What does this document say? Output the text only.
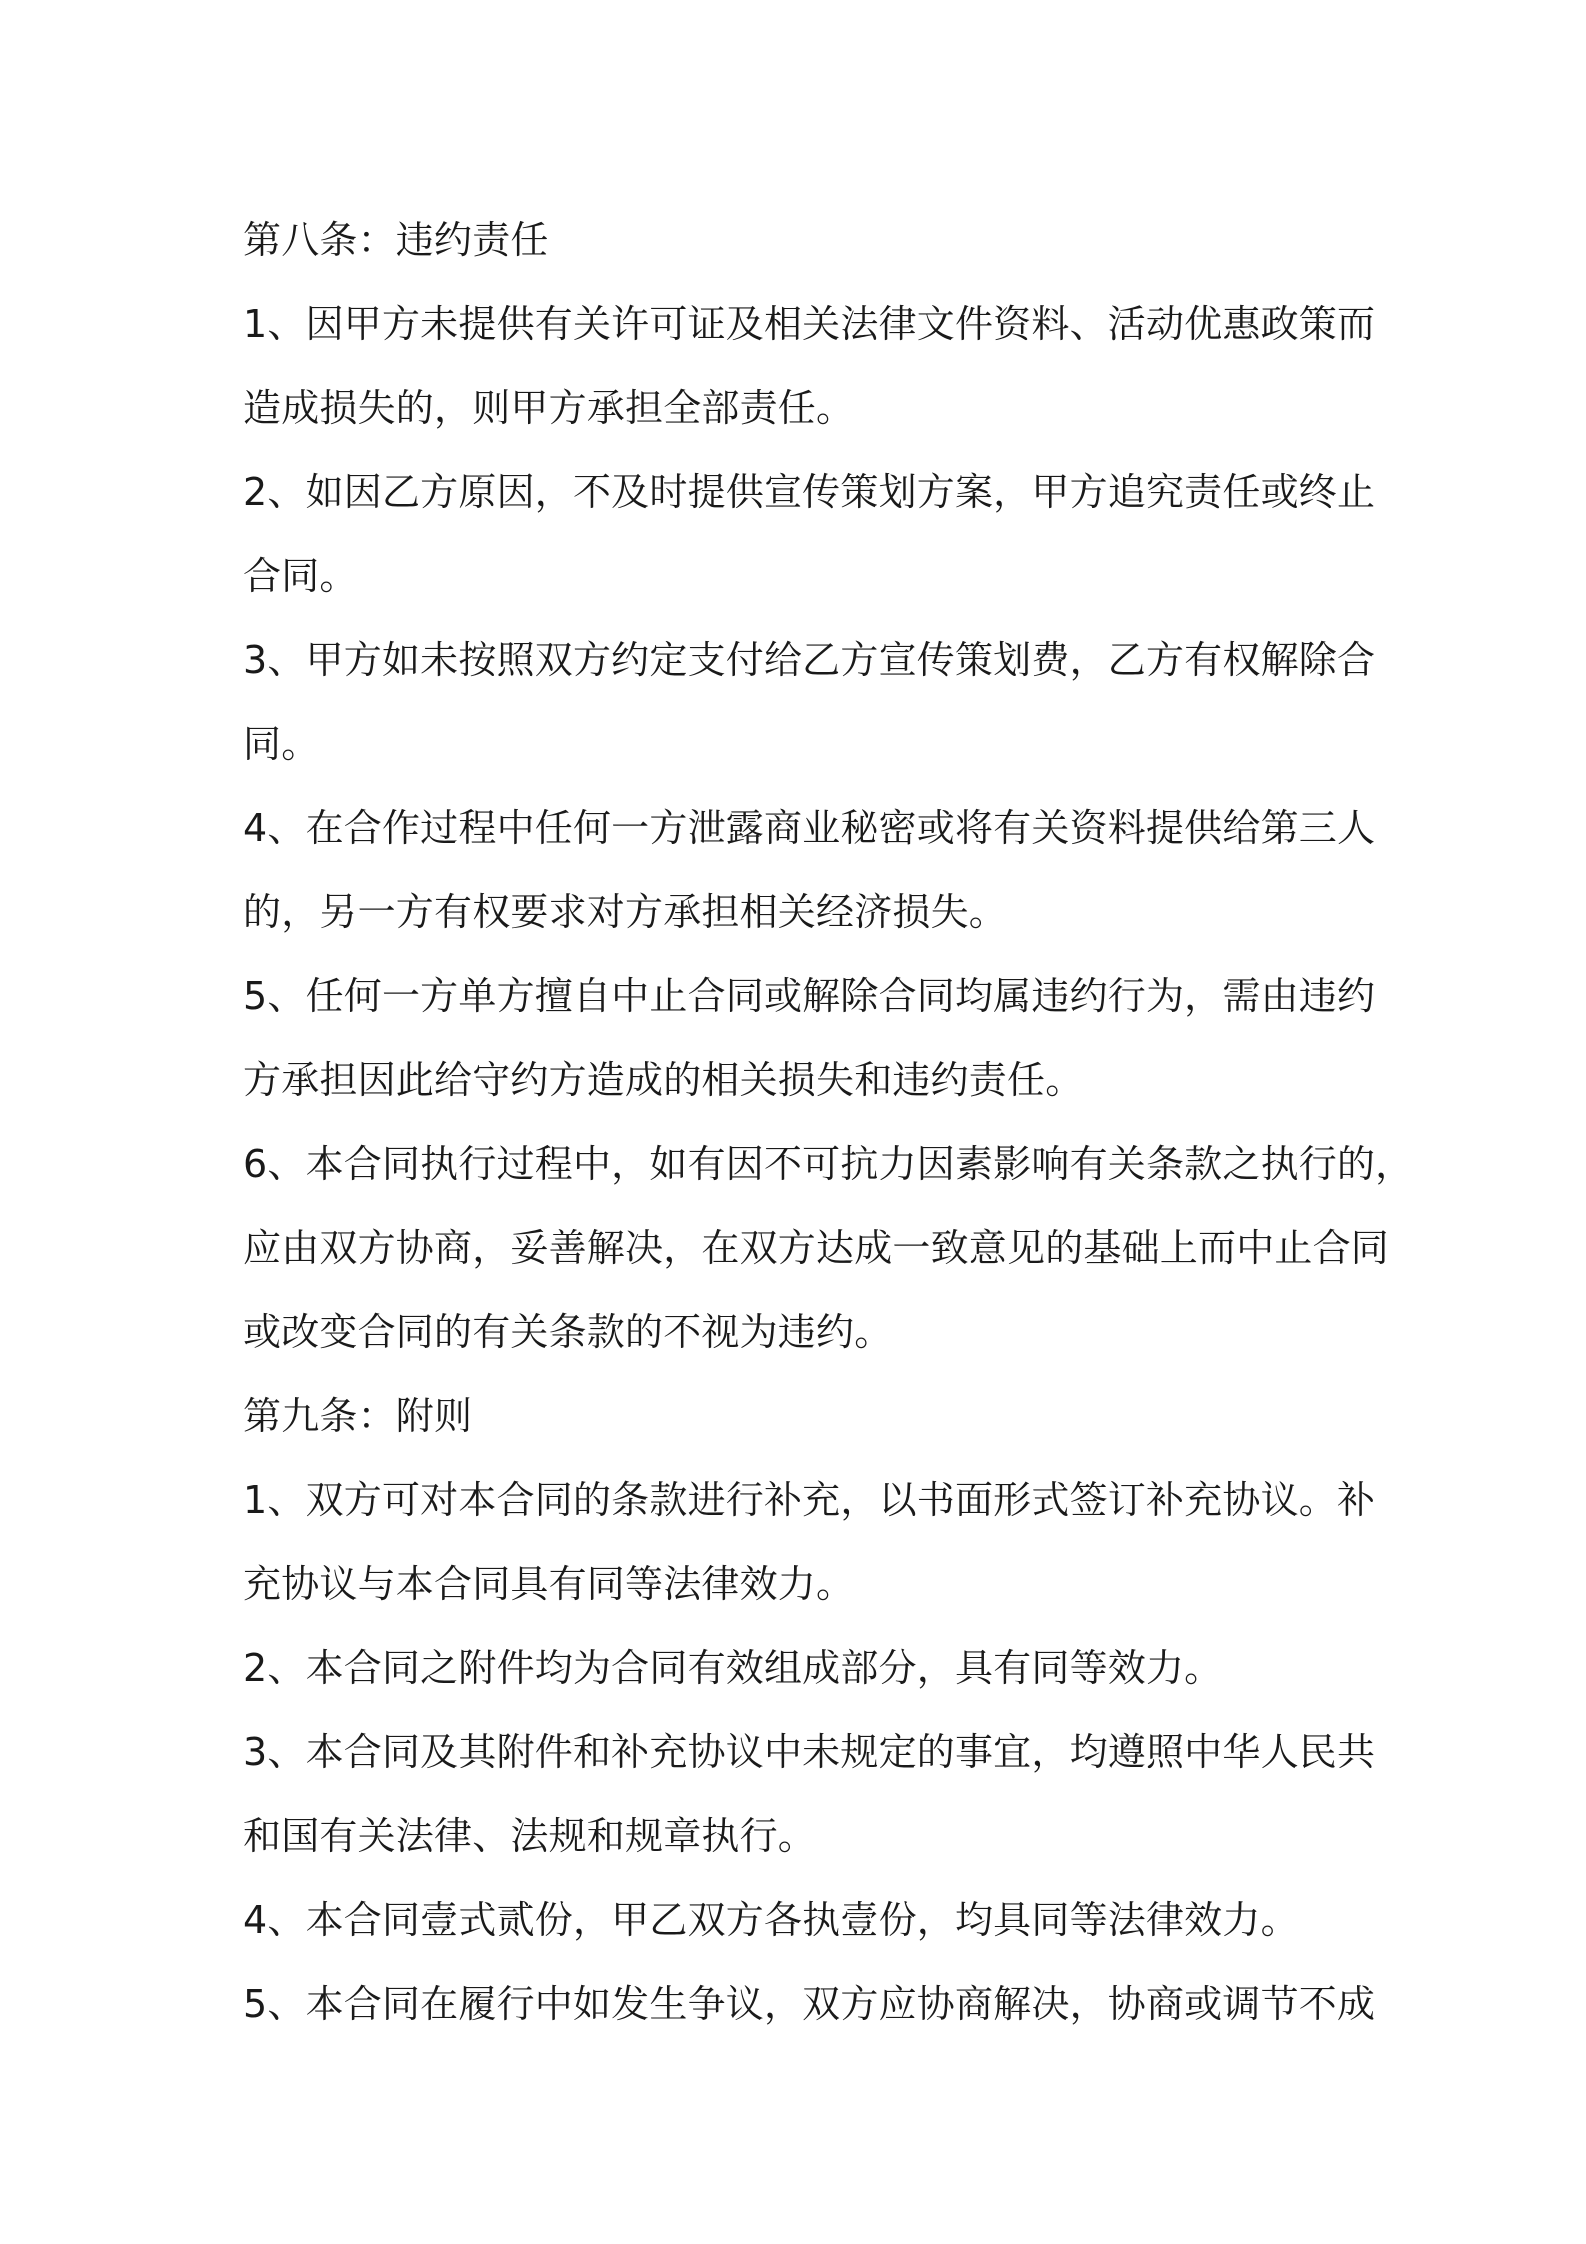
第八条：违约责任
1、因甲方未提供有关许可证及相关法律文件资料、活动优惠政策而
造成损失的，则甲方承担全部责任。
2、如因乙方原因，不及时提供宣传策划方案，甲方追究责任或终止
合同。
3、甲方如未按照双方约定支付给乙方宣传策划费，乙方有权解除合
同。
4、在合作过程中任何一方泄露商业秘密或将有关资料提供给第三人
的，另一方有权要求对方承担相关经济损失。
5、任何一方单方擅自中止合同或解除合同均属违约行为，需由违约
方承担因此给守约方造成的相关损失和违约责任。
6、本合同执行过程中，如有因不可抗力因素影响有关条款之执行的，
应由双方协商，妥善解决，在双方达成一致意见的基础上而中止合同
或改变合同的有关条款的不视为违约。
第九条：附则
1、双方可对本合同的条款进行补充，以书面形式签订补充协议。补
充协议与本合同具有同等法律效力。
2、本合同之附件均为合同有效组成部分，具有同等效力。
3、本合同及其附件和补充协议中未规定的事宜，均遵照中华人民共
和国有关法律、法规和规章执行。
4、本合同壹式贰份，甲乙双方各执壹份，均具同等法律效力。
5、本合同在履行中如发生争议，双方应协商解决，协商或调节不成
